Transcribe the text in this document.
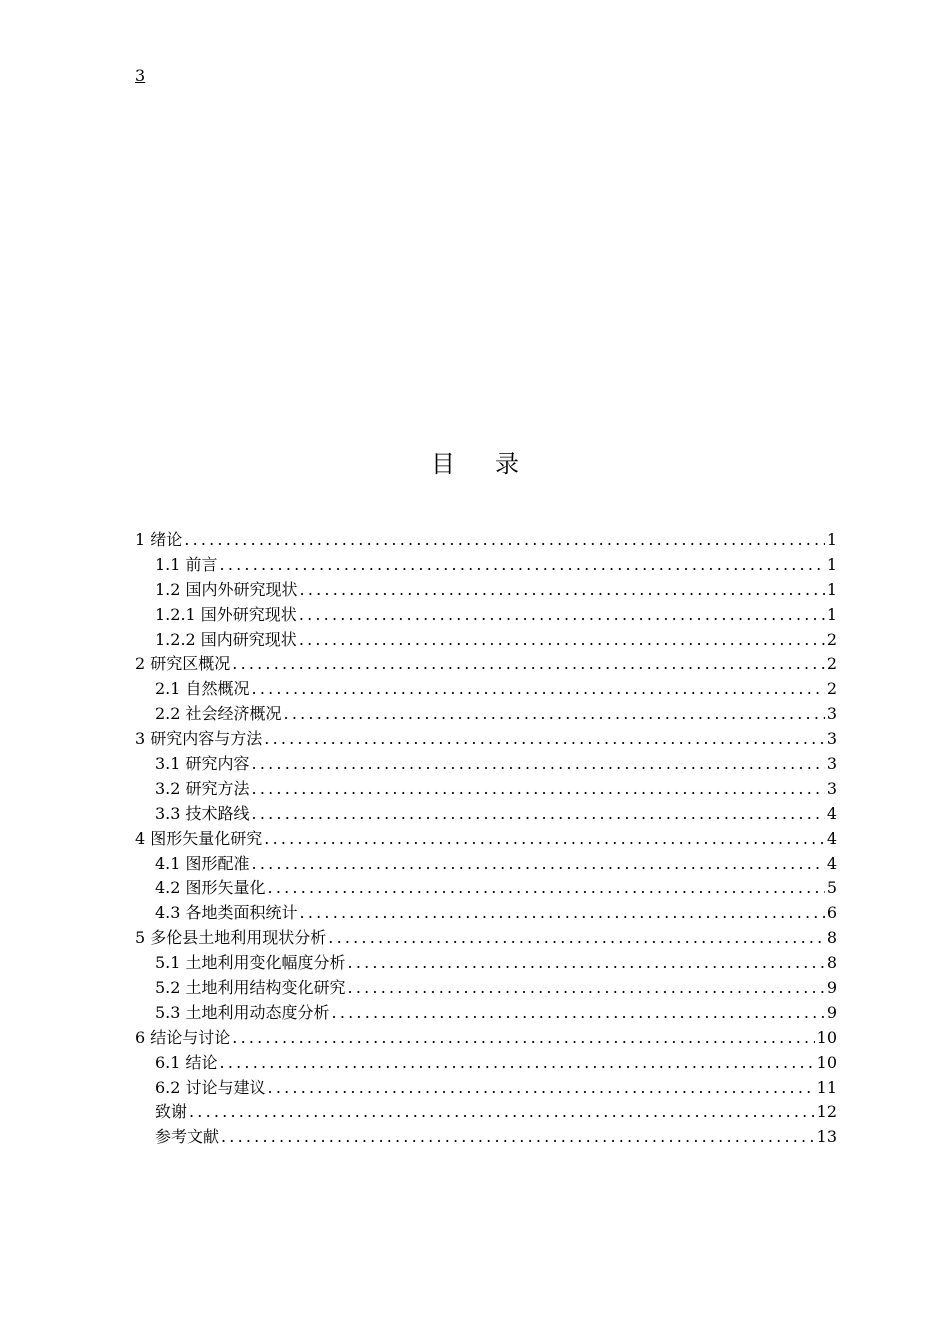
3
目录
1 绪论 .....	1
1.1 前言 .....	1
1.2 国内外研究现状 .....	1
1.2.1 国外研究现状 .....	1
1.2.2 国内研究现状 .....	2
2 研究区概况 .....	2
2.1 自然概况 .....	2
2.2 社会经济概况 .....	3
3 研究内容与方法 .....	3
3.1 研究内容 .....	3
3.2 研究方法 .....	3
3.3 技术路线 .....	4
4 图形矢量化研究 .....	4
4.1 图形配准 .....	4
4.2 图形矢量化 .....	5
4.3 各地类面积统计 .....	6
5 多伦县土地利用现状分析 .....	8
5.1 土地利用变化幅度分析 .....	8
5.2 土地利用结构变化研究 .....	9
5.3 土地利用动态度分析 .....	9
6 结论与讨论 .....	10
6.1 结论 .....	10
6.2 讨论与建议 .....	11
致谢 .....	12
参考文献 .....	13
